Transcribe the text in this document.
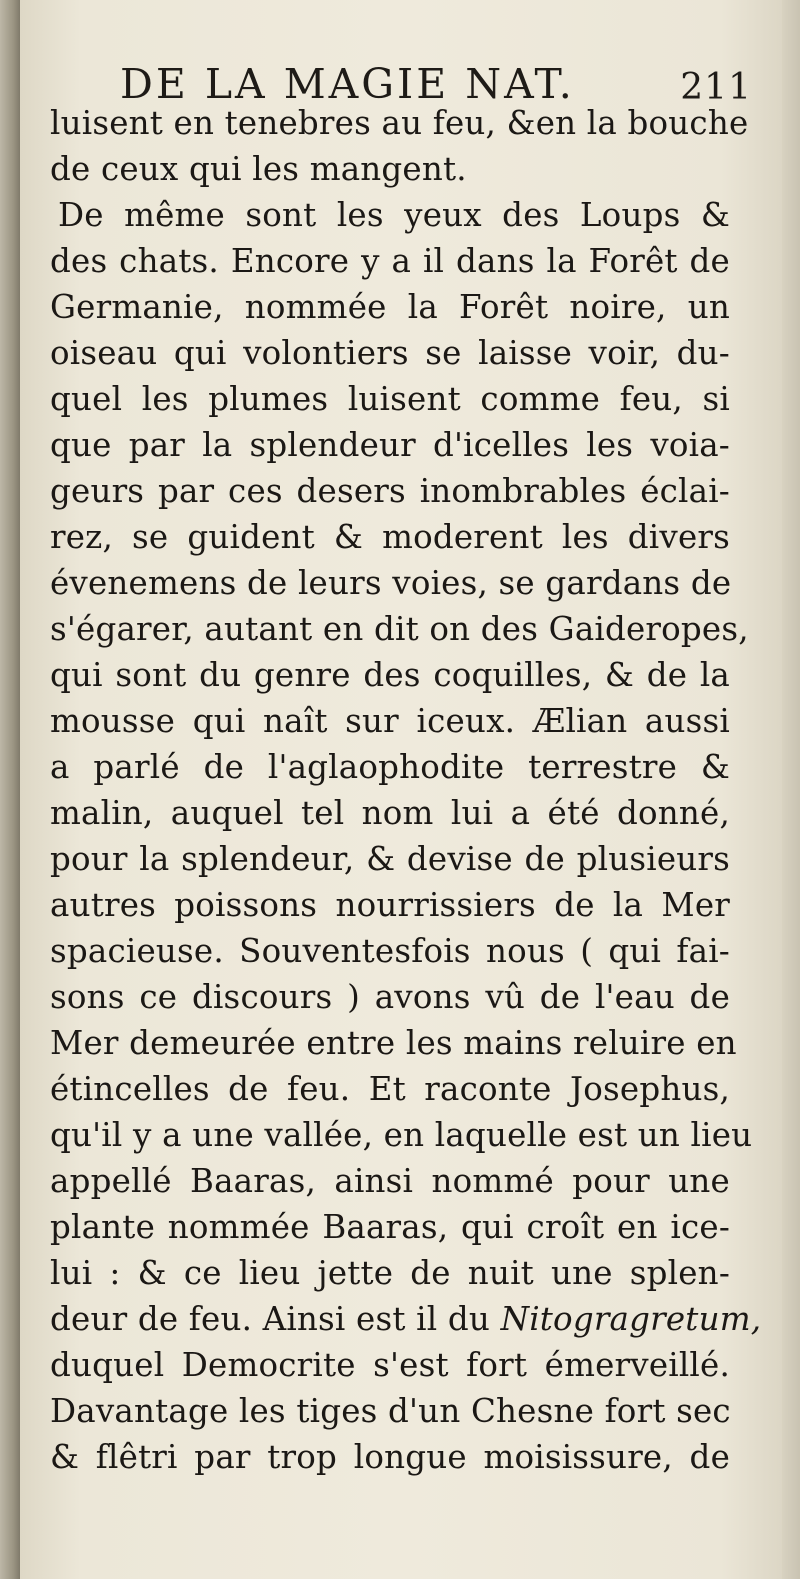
DE LA MAGIE NAT.	211
luisent en tenebres au feu, &en la bouche
de ceux qui les mangent.
De même sont les yeux des Loups &
des chats. Encore y a il dans la Forêt de
Germanie, nommée la Forêt noire, un
oiseau qui volontiers se laisse voir, du-
quel les plumes luisent comme feu, si
que par la splendeur d'icelles les voia-
geurs par ces desers inombrables éclai-
rez, se guident & moderent les divers
évenemens de leurs voies, se gardans de
s'égarer, autant en dit on des Gaideropes,
qui sont du genre des coquilles, & de la
mousse qui naît sur iceux. Ælian aussi
a parlé de l'aglaophodite terrestre &
malin, auquel tel nom lui a été donné,
pour la splendeur, & devise de plusieurs
autres poissons nourrissiers de la Mer
spacieuse. Souventesfois nous ( qui fai-
sons ce discours ) avons vû de l'eau de
Mer demeurée entre les mains reluire en
étincelles de feu. Et raconte Josephus,
qu'il y a une vallée, en laquelle est un lieu
appellé Baaras, ainsi nommé pour une
plante nommée Baaras, qui croît en ice-
lui : & ce lieu jette de nuit une splen-
deur de feu. Ainsi est il du Nitogragretum,
duquel Democrite s'est fort émerveillé.
Davantage les tiges d'un Chesne fort sec
& flêtri par trop longue moisissure, de
